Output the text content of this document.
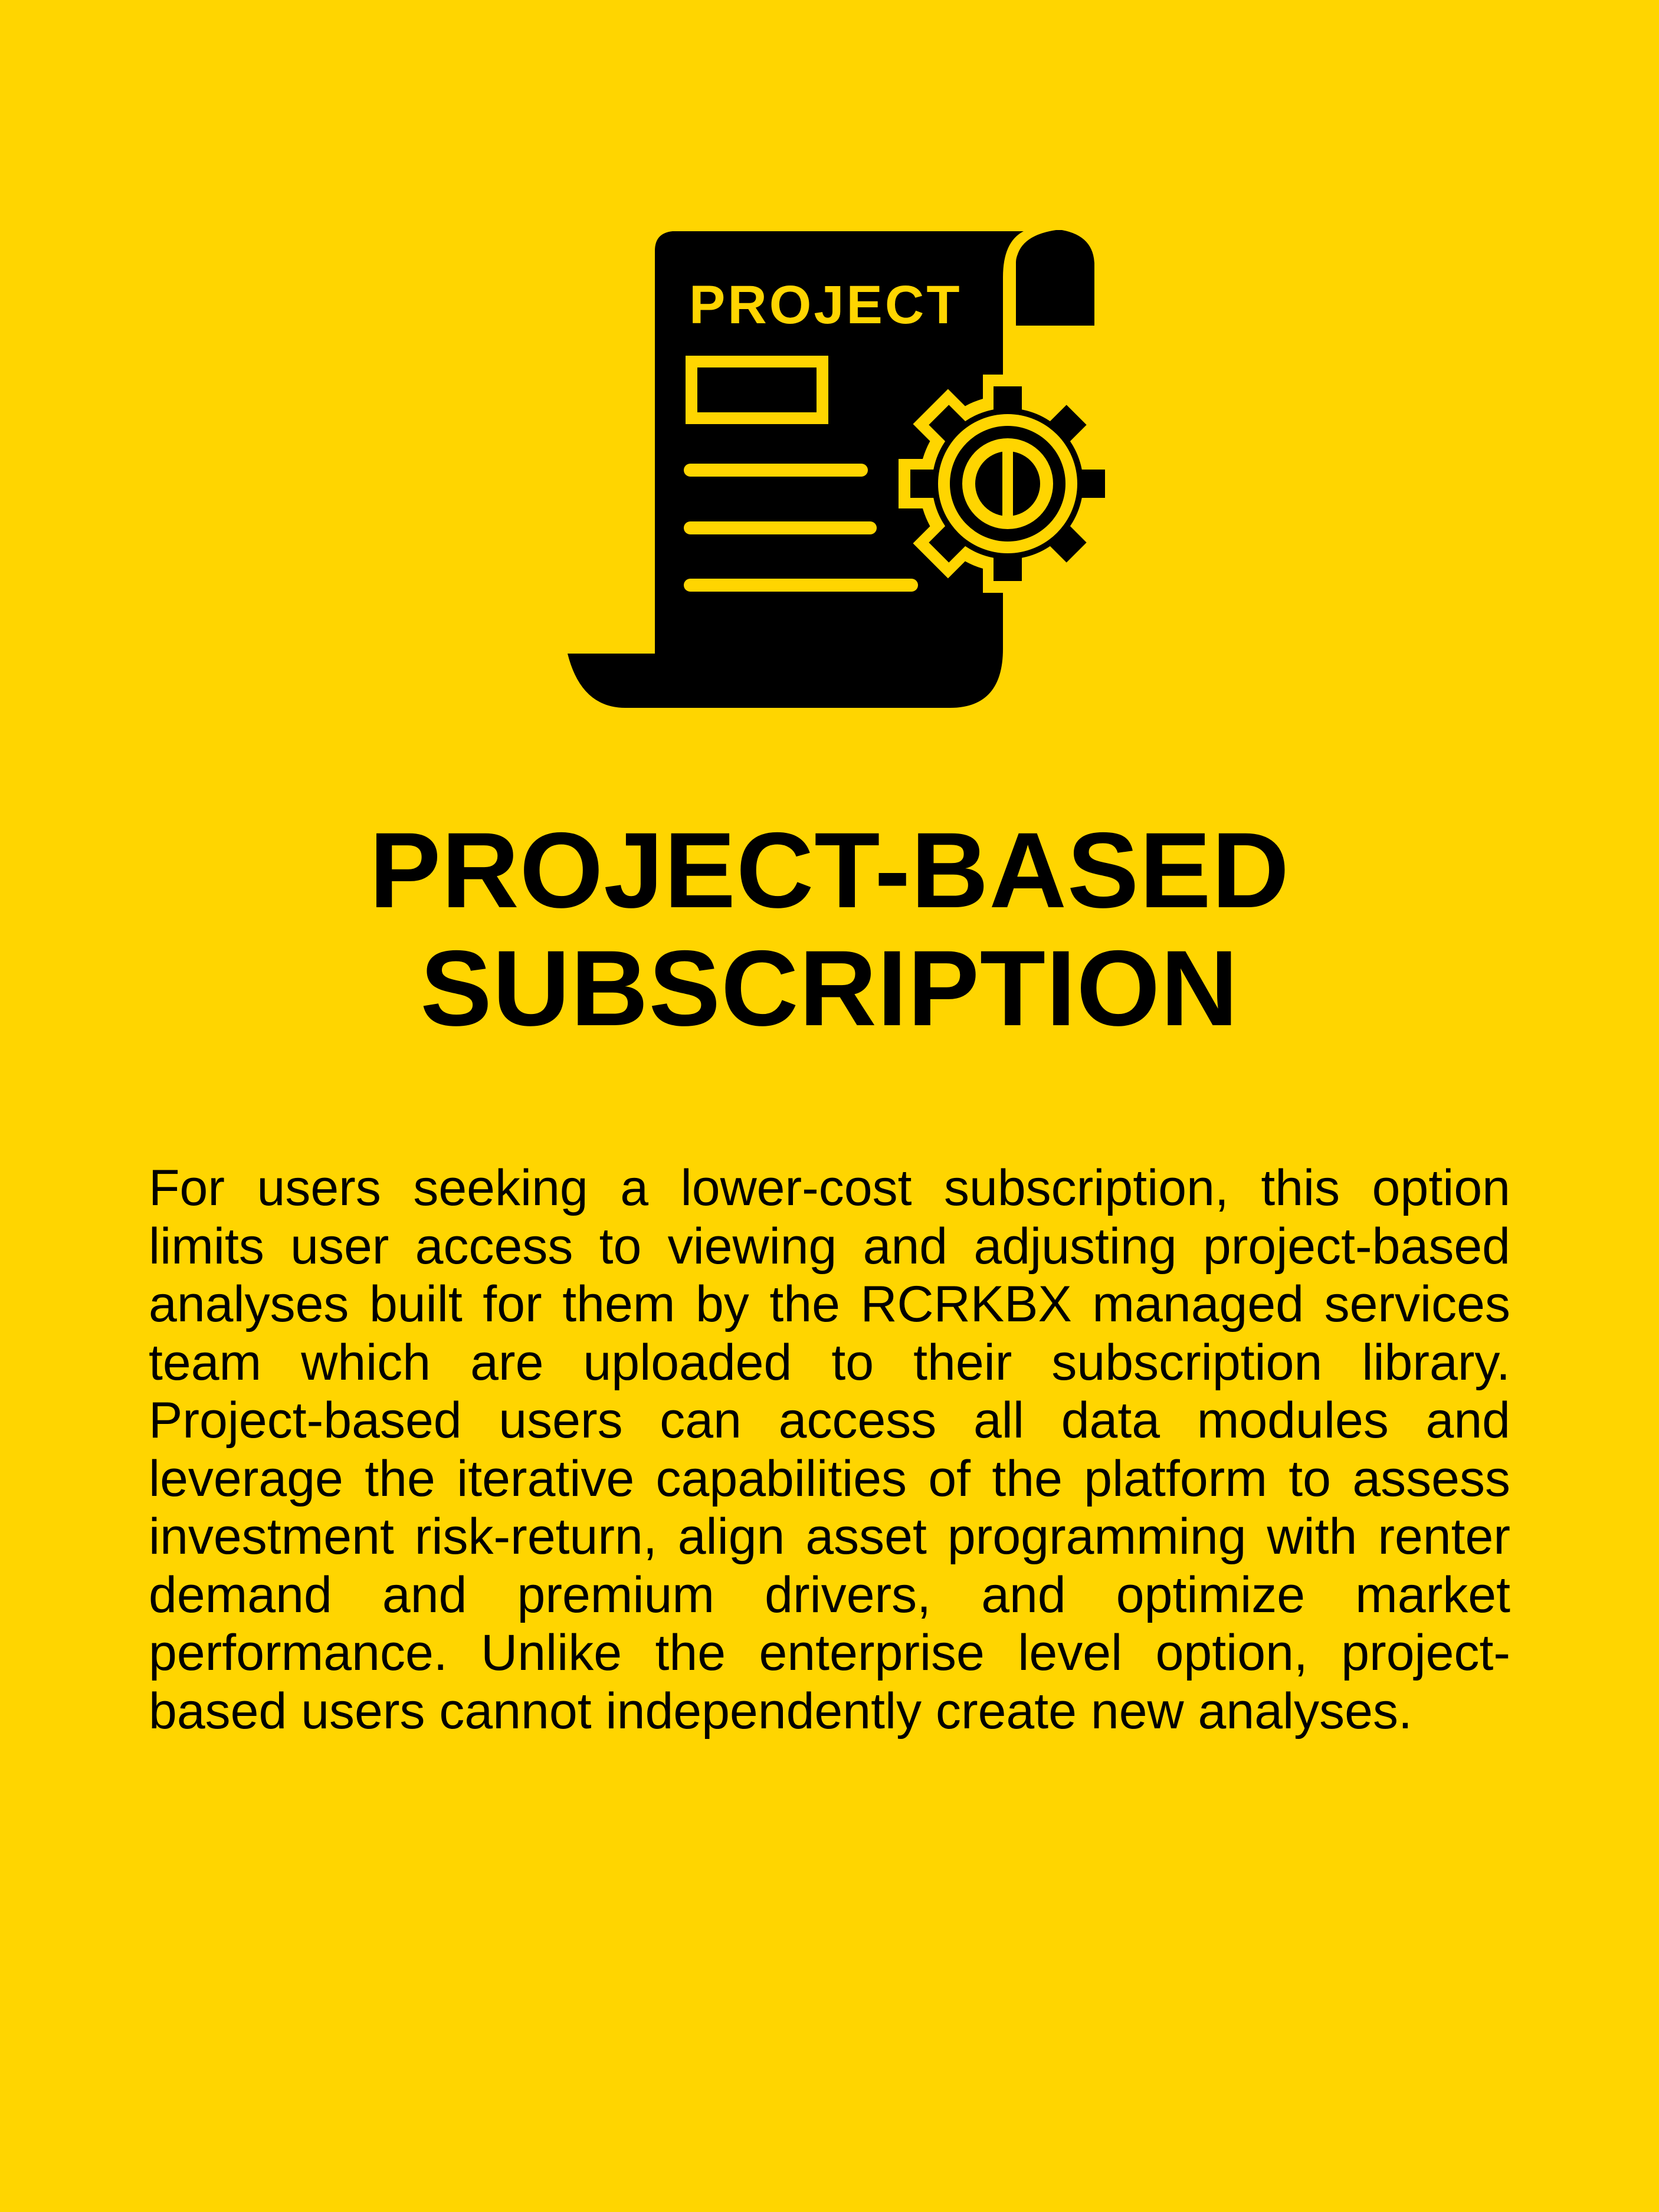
PROJECT
PROJECT-BASED
SUBSCRIPTION

For users seeking a lower-cost subscription, this option limits user access to viewing and adjusting project-based analyses built for them by the RCRKBX managed services team which are uploaded to their subscription library. Project-based users can access all data modules and leverage the iterative capabilities of the platform to assess investment risk-return, align asset programming with renter demand and premium drivers, and optimize market performance. Unlike the enterprise level option, project-based users cannot independently create new analyses.
